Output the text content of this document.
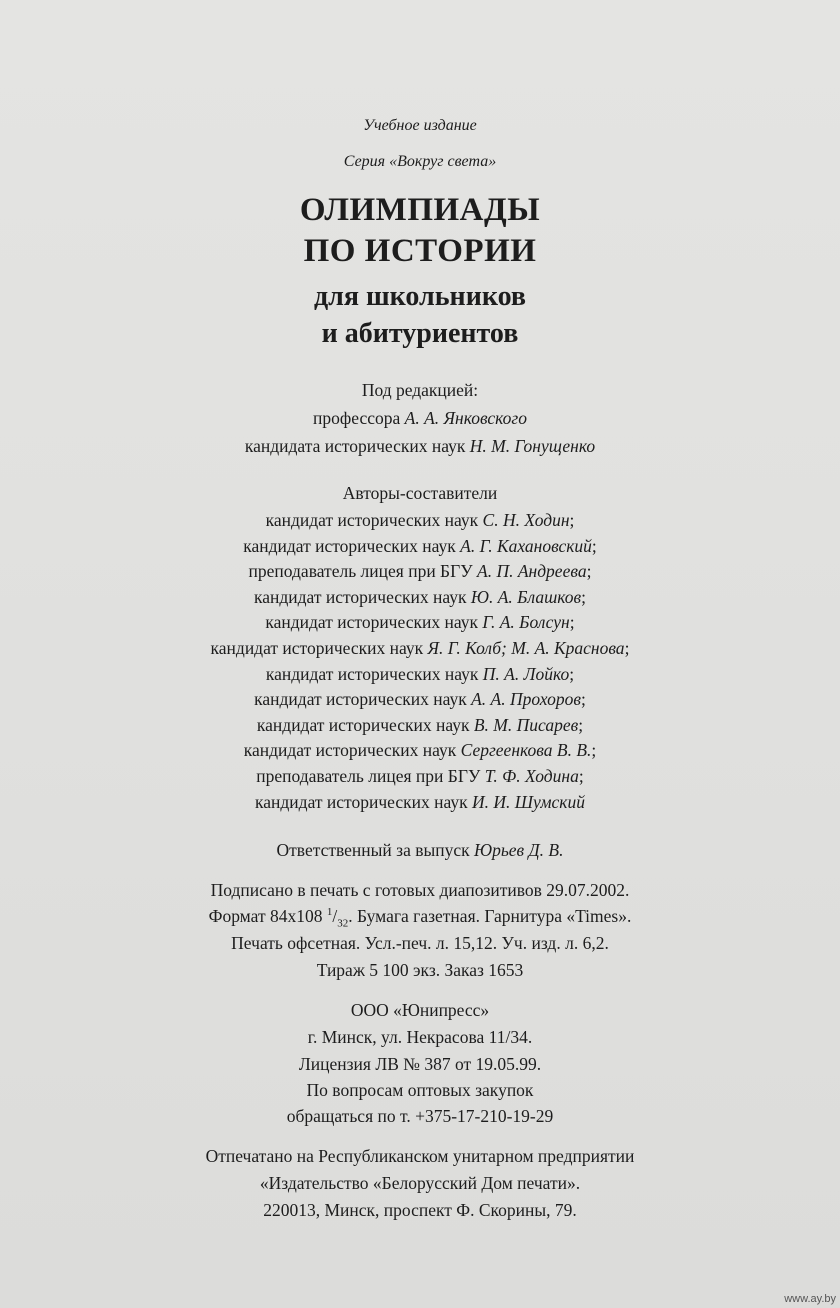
Учебное издание
Серия «Вокруг света»
ОЛИМПИАДЫ
ПО ИСТОРИИ
для школьников
и абитуриентов
Под редакцией:
профессора А. А. Янковского
кандидата исторических наук Н. М. Гонущенко
Авторы-составители
кандидат исторических наук С. Н. Ходин;
кандидат исторических наук А. Г. Кахановский;
преподаватель лицея при БГУ А. П. Андреева;
кандидат исторических наук Ю. А. Блашков;
кандидат исторических наук Г. А. Болсун;
кандидат исторических наук Я. Г. Колб; М. А. Краснова;
кандидат исторических наук П. А. Лойко;
кандидат исторических наук А. А. Прохоров;
кандидат исторических наук В. М. Писарев;
кандидат исторических наук Сергеенкова В. В.;
преподаватель лицея при БГУ Т. Ф. Ходина;
кандидат исторических наук И. И. Шумский
Ответственный за выпуск Юрьев Д. В.
Подписано в печать с готовых диапозитивов 29.07.2002.
Формат 84х108 $^1/_{32}$. Бумага газетная. Гарнитура «Times».
Печать офсетная. Усл.-печ. л. 15,12. Уч. изд. л. 6,2.
Тираж 5 100 экз. Заказ 1653
ООО «Юнипресс»
г. Минск, ул. Некрасова 11/34.
Лицензия ЛВ № 387 от 19.05.99.
По вопросам оптовых закупок
обращаться по т. +375-17-210-19-29
Отпечатано на Республиканском унитарном предприятии
«Издательство «Белорусский Дом печати».
220013, Минск, проспект Ф. Скорины, 79.
www.ay.by
